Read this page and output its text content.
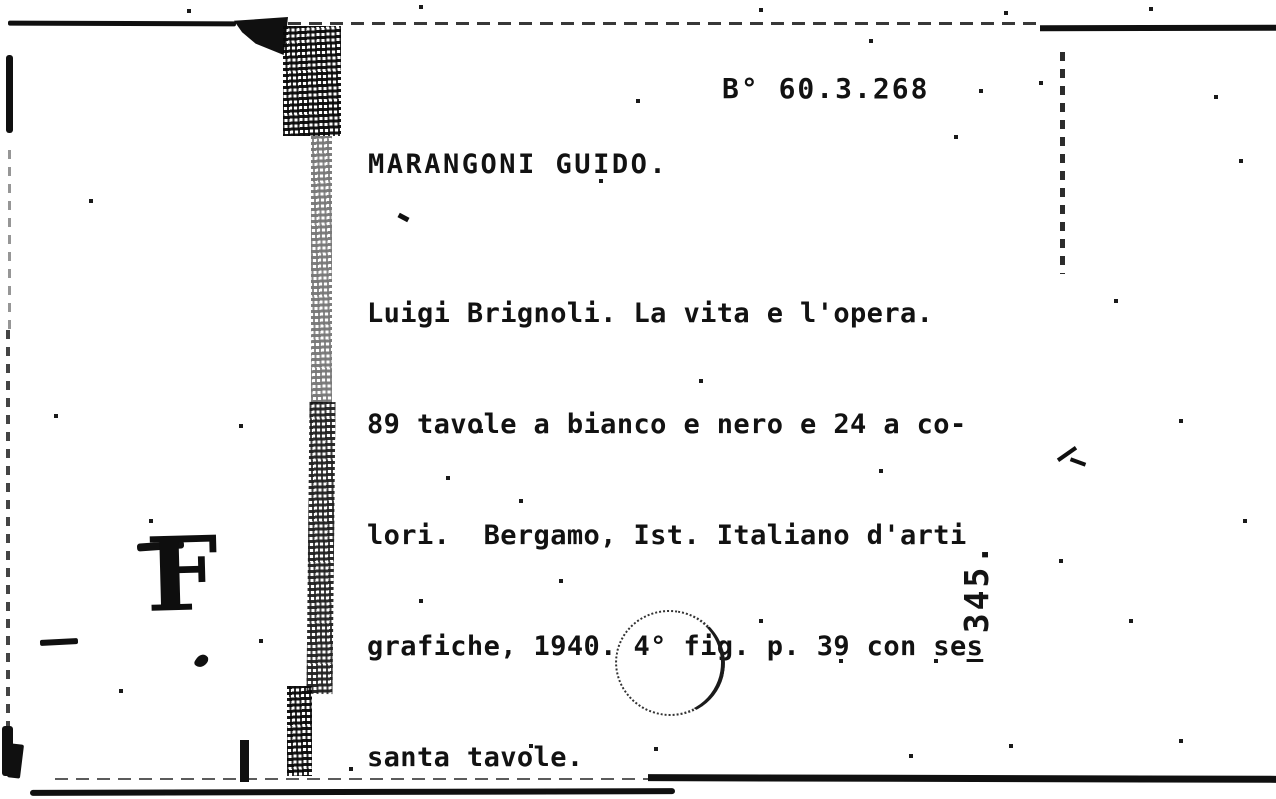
B° 60.3.268
MARANGONI GUIDO.

Luigi Brignoli. La vita e l'opera.

89 tavole a bianco e nero e 24 a co-

lori.  Bergamo, Ist. Italiano d'arti

grafiche, 1940. 4° fig. p. 39 con ses

santa tavole.

F	345.
